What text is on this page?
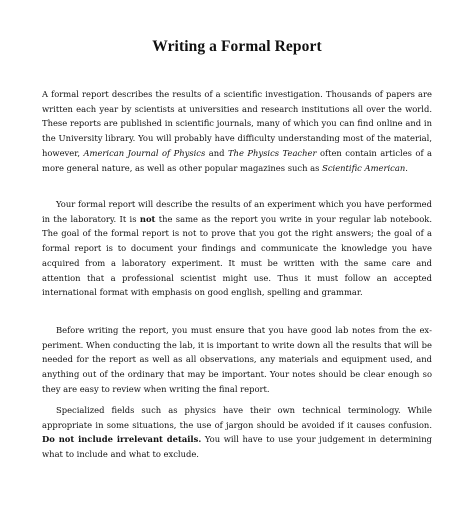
Writing a Formal Report

A formal report describes the results of a scientific investigation. Thousands of papers are written each year by scientists at universities and research institutions all over the world. These reports are published in scientific journals, many of which you can find online and in the University library. You will probably have difficulty understanding most of the material, however, American Journal of Physics and The Physics Teacher often contain articles of a more general nature, as well as other popular magazines such as Scientific American.

Your formal report will describe the results of an experiment which you have performed in the laboratory. It is not the same as the report you write in your regular lab notebook. The goal of the formal report is not to prove that you got the right answers; the goal of a formal report is to document your findings and communicate the knowledge you have acquired from a laboratory experiment. It must be written with the same care and attention that a professional scientist might use. Thus it must follow an accepted international format with emphasis on good english, spelling and grammar.

Before writing the report, you must ensure that you have good lab notes from the experiment. When conducting the lab, it is important to write down all the results that will be needed for the report as well as all observations, any materials and equipment used, and anything out of the ordinary that may be important. Your notes should be clear enough so they are easy to review when writing the final report.

Specialized fields such as physics have their own technical terminology. While appropriate in some situations, the use of jargon should be avoided if it causes confusion. Do not include irrelevant details. You will have to use your judgement in determining what to include and what to exclude.
